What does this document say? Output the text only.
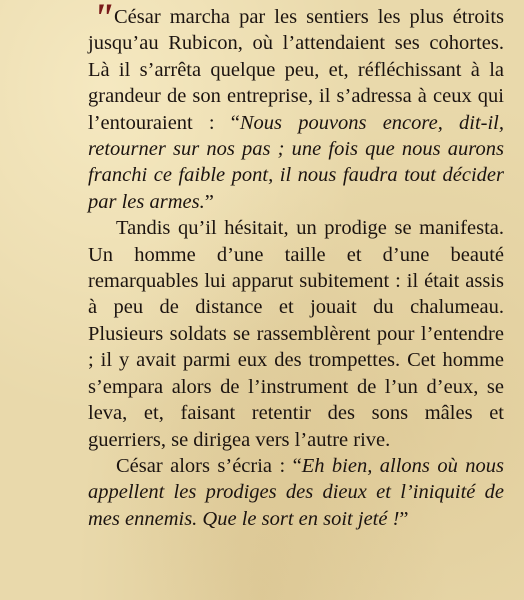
" César marcha par les sentiers les plus étroits jusqu’au Rubicon, où l’attendaient ses cohortes. Là il s’arrêta quelque peu, et, réfléchissant à la grandeur de son entreprise, il s’adressa à ceux qui l’entouraient : “Nous pouvons encore, dit-il, retourner sur nos pas ; une fois que nous aurons franchi ce faible pont, il nous faudra tout décider par les armes.”

Tandis qu’il hésitait, un prodige se manifesta. Un homme d’une taille et d’une beauté remarquables lui apparut subitement : il était assis à peu de distance et jouait du chalumeau. Plusieurs soldats se rassemblèrent pour l’entendre ; il y avait parmi eux des trompettes. Cet homme s’empara alors de l’instrument de l’un d’eux, se leva, et, faisant retentir des sons mâles et guerriers, se dirigea vers l’autre rive.

César alors s’écria : “Eh bien, allons où nous appellent les prodiges des dieux et l’iniquité de mes ennemis. Que le sort en soit jeté !”
